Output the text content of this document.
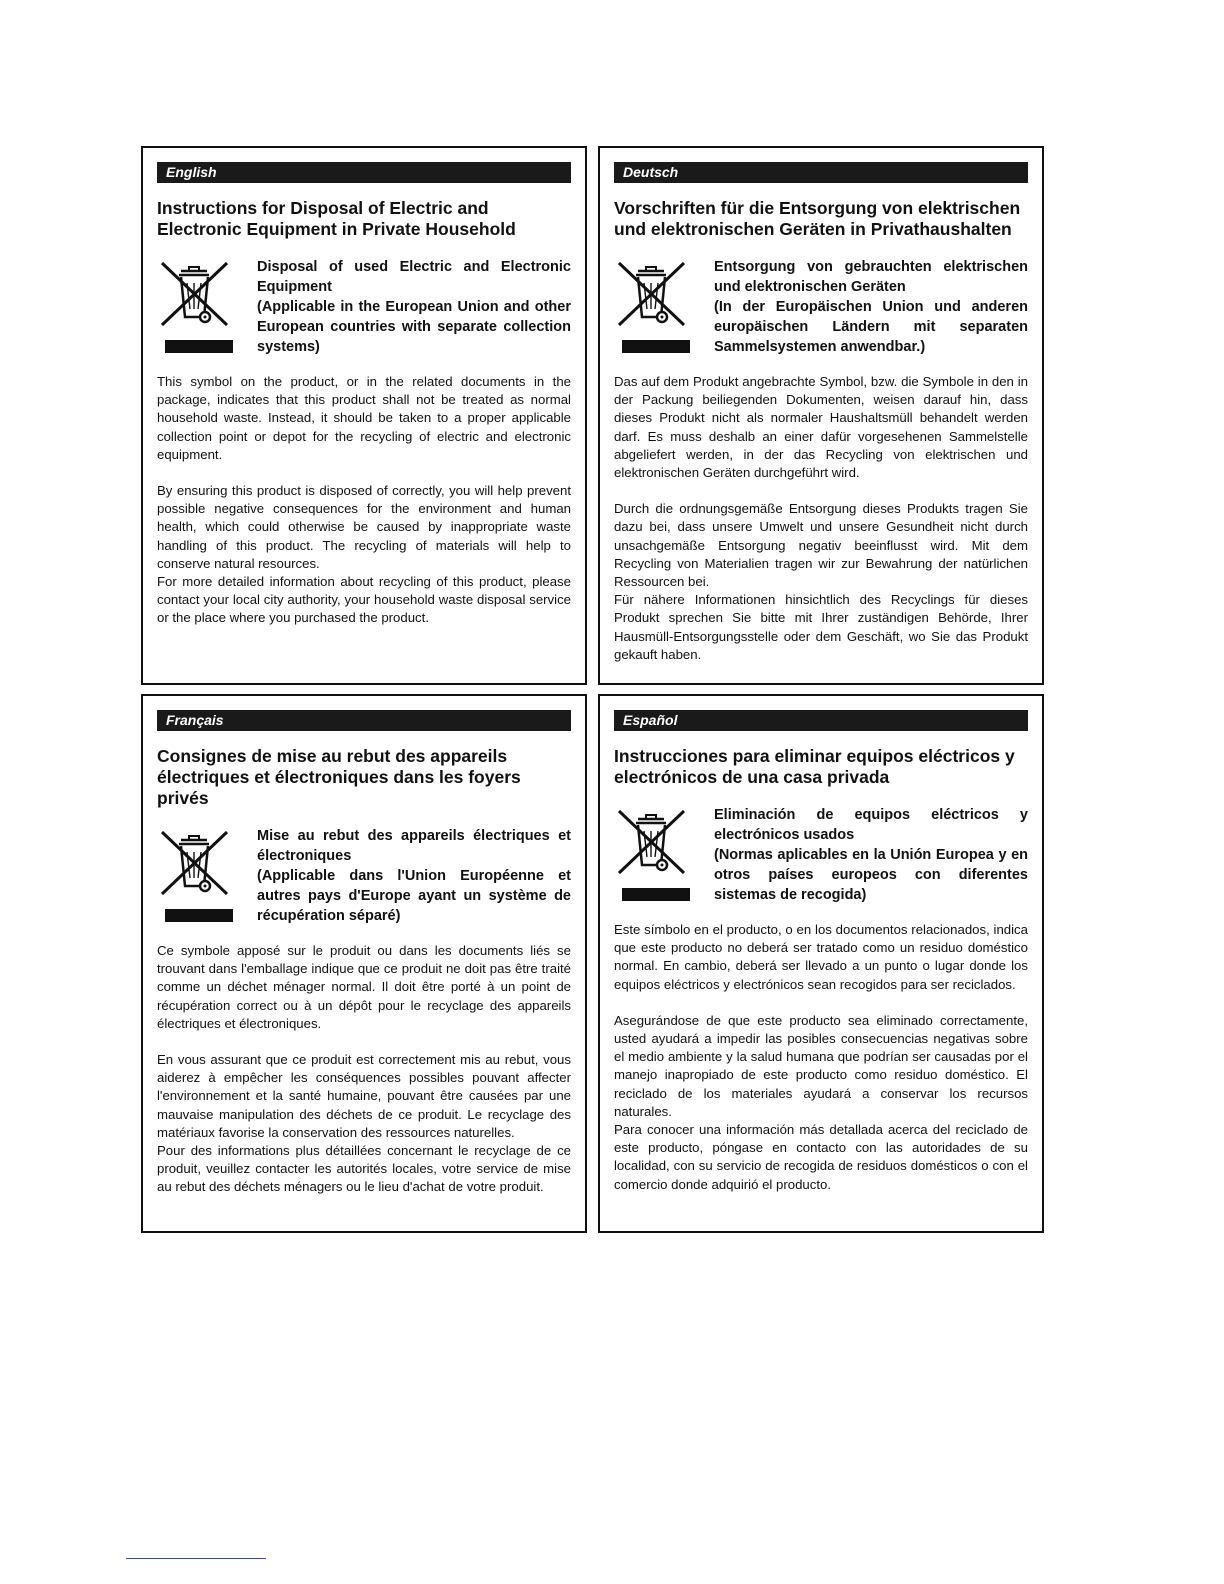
English
Instructions for Disposal of Electric and Electronic Equipment in Private Household
Disposal of used Electric and Electronic Equipment
(Applicable in the European Union and other European countries with separate collection systems)

This symbol on the product, or in the related documents in the package, indicates that this product shall not be treated as normal household waste. Instead, it should be taken to a proper applicable collection point or depot for the recycling of electric and electronic equipment.

By ensuring this product is disposed of correctly, you will help prevent possible negative consequences for the environment and human health, which could otherwise be caused by inappropriate waste handling of this product. The recycling of materials will help to conserve natural resources.

For more detailed information about recycling of this product, please contact your local city authority, your household waste disposal service or the place where you purchased the product.

Deutsch
Vorschriften für die Entsorgung von elektrischen und elektronischen Geräten in Privathaushalten
Entsorgung von gebrauchten elektrischen und elektronischen Geräten
(In der Europäischen Union und anderen europäischen Ländern mit separaten Sammelsystemen anwendbar.)

Das auf dem Produkt angebrachte Symbol, bzw. die Symbole in den in der Packung beiliegenden Dokumenten, weisen darauf hin, dass dieses Produkt nicht als normaler Haushaltsmüll behandelt werden darf. Es muss deshalb an einer dafür vorgesehenen Sammelstelle abgeliefert werden, in der das Recycling von elektrischen und elektronischen Geräten durchgeführt wird.

Durch die ordnungsgemäße Entsorgung dieses Produkts tragen Sie dazu bei, dass unsere Umwelt und unsere Gesundheit nicht durch unsachgemäße Entsorgung negativ beeinflusst wird. Mit dem Recycling von Materialien tragen wir zur Bewahrung der natürlichen Ressourcen bei.

Für nähere Informationen hinsichtlich des Recyclings für dieses Produkt sprechen Sie bitte mit Ihrer zuständigen Behörde, Ihrer Hausmüll-Entsorgungsstelle oder dem Geschäft, wo Sie das Produkt gekauft haben.

Français
Consignes de mise au rebut des appareils électriques et électroniques dans les foyers privés
Mise au rebut des appareils électriques et électroniques
(Applicable dans l'Union Européenne et autres pays d'Europe ayant un système de récupération séparé)

Ce symbole apposé sur le produit ou dans les documents liés se trouvant dans l'emballage indique que ce produit ne doit pas être traité comme un déchet ménager normal. Il doit être porté à un point de récupération correct ou à un dépôt pour le recyclage des appareils électriques et électroniques.

En vous assurant que ce produit est correctement mis au rebut, vous aiderez à empêcher les conséquences possibles pouvant affecter l'environnement et la santé humaine, pouvant être causées par une mauvaise manipulation des déchets de ce produit. Le recyclage des matériaux favorise la conservation des ressources naturelles.

Pour des informations plus détaillées concernant le recyclage de ce produit, veuillez contacter les autorités locales, votre service de mise au rebut des déchets ménagers ou le lieu d'achat de votre produit.

Español
Instrucciones para eliminar equipos eléctricos y electrónicos de una casa privada
Eliminación de equipos eléctricos y electrónicos usados
(Normas aplicables en la Unión Europea y en otros países europeos con diferentes sistemas de recogida)

Este símbolo en el producto, o en los documentos relacionados, indica que este producto no deberá ser tratado como un residuo doméstico normal. En cambio, deberá ser llevado a un punto o lugar donde los equipos eléctricos y electrónicos sean recogidos para ser reciclados.

Asegurándose de que este producto sea eliminado correctamente, usted ayudará a impedir las posibles consecuencias negativas sobre el medio ambiente y la salud humana que podrían ser causadas por el manejo inapropiado de este producto como residuo doméstico. El reciclado de los materiales ayudará a conservar los recursos naturales.

Para conocer una información más detallada acerca del reciclado de este producto, póngase en contacto con las autoridades de su localidad, con su servicio de recogida de residuos domésticos o con el comercio donde adquirió el producto.
